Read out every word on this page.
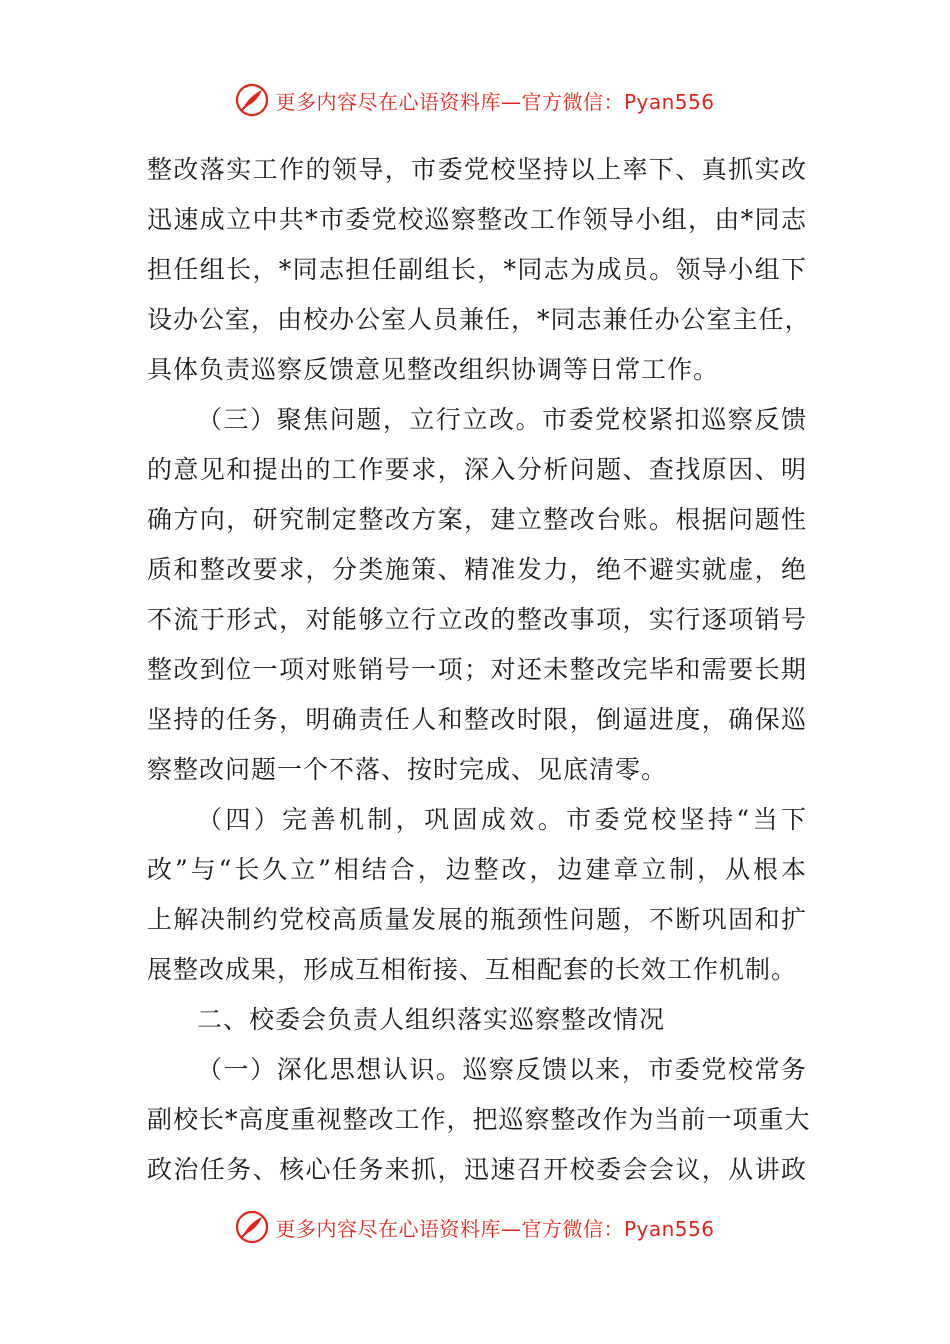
更多内容尽在心语资料库—官方微信：Pyan556
整改落实工作的领导，市委党校坚持以上率下、真抓实改
迅速成立中共*市委党校巡察整改工作领导小组，由*同志
担任组长，*同志担任副组长，*同志为成员。领导小组下
设办公室，由校办公室人员兼任，*同志兼任办公室主任，
具体负责巡察反馈意见整改组织协调等日常工作。
（三）聚焦问题，立行立改。市委党校紧扣巡察反馈
的意见和提出的工作要求，深入分析问题、查找原因、明
确方向，研究制定整改方案，建立整改台账。根据问题性
质和整改要求，分类施策、精准发力，绝不避实就虚，绝
不流于形式，对能够立行立改的整改事项，实行逐项销号
整改到位一项对账销号一项；对还未整改完毕和需要长期
坚持的任务，明确责任人和整改时限，倒逼进度，确保巡
察整改问题一个不落、按时完成、见底清零。
（四）完善机制，巩固成效。市委党校坚持“当下
改”与“长久立”相结合，边整改，边建章立制，从根本
上解决制约党校高质量发展的瓶颈性问题，不断巩固和扩
展整改成果，形成互相衔接、互相配套的长效工作机制。
二、校委会负责人组织落实巡察整改情况
（一）深化思想认识。巡察反馈以来，市委党校常务
副校长*高度重视整改工作，把巡察整改作为当前一项重大
政治任务、核心任务来抓，迅速召开校委会会议，从讲政
更多内容尽在心语资料库—官方微信：Pyan556
